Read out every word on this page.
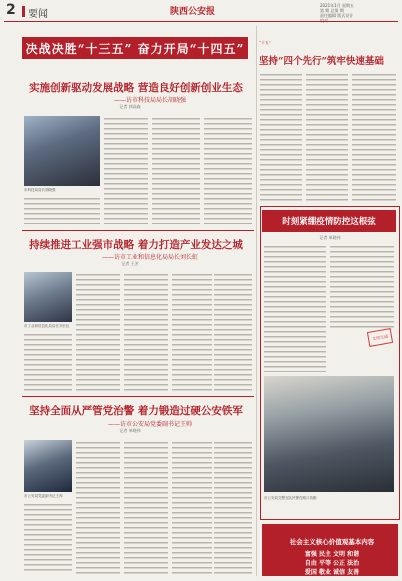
2 要闻	陕西公安报
2021年1月 星期五
第 期 总第 期
责任编辑 版式设计
决战决胜“十三五” 奋力开局“十四五”
实施创新驱动发展战略 营造良好创新创业生态
——访市科技局局长胡晓强
记者 郭高森
市科技局局长胡晓强
持续推进工业强市战略 着力打造产业发达之城
——访市工业和信息化局局长刘长虹
记者 王芳
市工业和信息化局局长刘长虹
坚持全面从严管党治警 着力锻造过硬公安铁军
——访市公安局党委副书记王帅
记者 单晓伟
市公安局党委副书记王帅
“十五”
坚持“四个先行”筑牢快速基础
时刻紧绷疫情防控这根弦
记者 单晓伟
文明交通
市公安局交警支队民警在路口执勤
社会主义核心价值观基本内容
富强 民主 文明 和谐
自由 平等 公正 法治
爱国 敬业 诚信 友善
